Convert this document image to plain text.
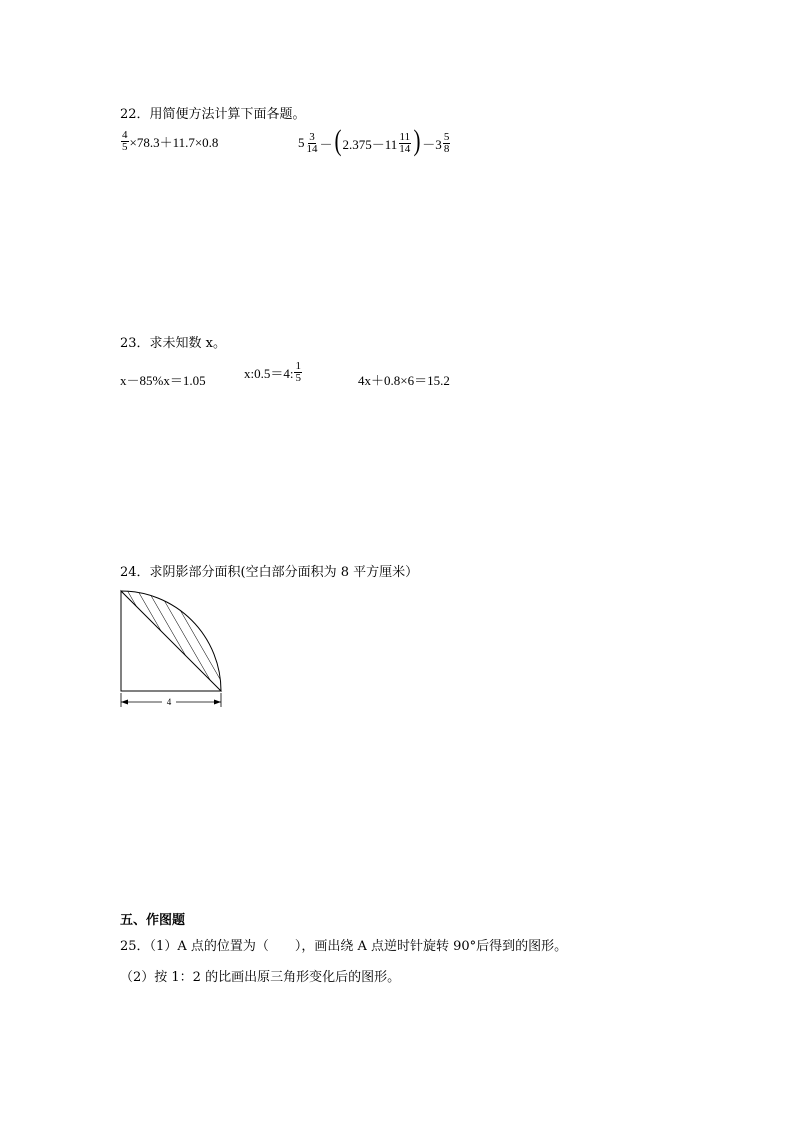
22．用简便方法计算下面各题。
$\frac{4}{5} \times 78.3+11.7\times 0.8$	$5 \frac{3}{14}$ － ( $2.375-11 \frac{11}{14}$ ) $-3 \frac{5}{8}$
23．求未知数 x。
x－85%x＝1.05	x:0.5＝4: $\frac{1}{5}$	4x＋0.8×6＝15.2
24．求阴影部分面积(空白部分面积为 8 平方厘米）
4
五、作图题
25．（1）A 点的位置为（　　），画出绕 A 点逆时针旋转 90°后得到的图形。
（2）按 1：2 的比画出原三角形变化后的图形。
